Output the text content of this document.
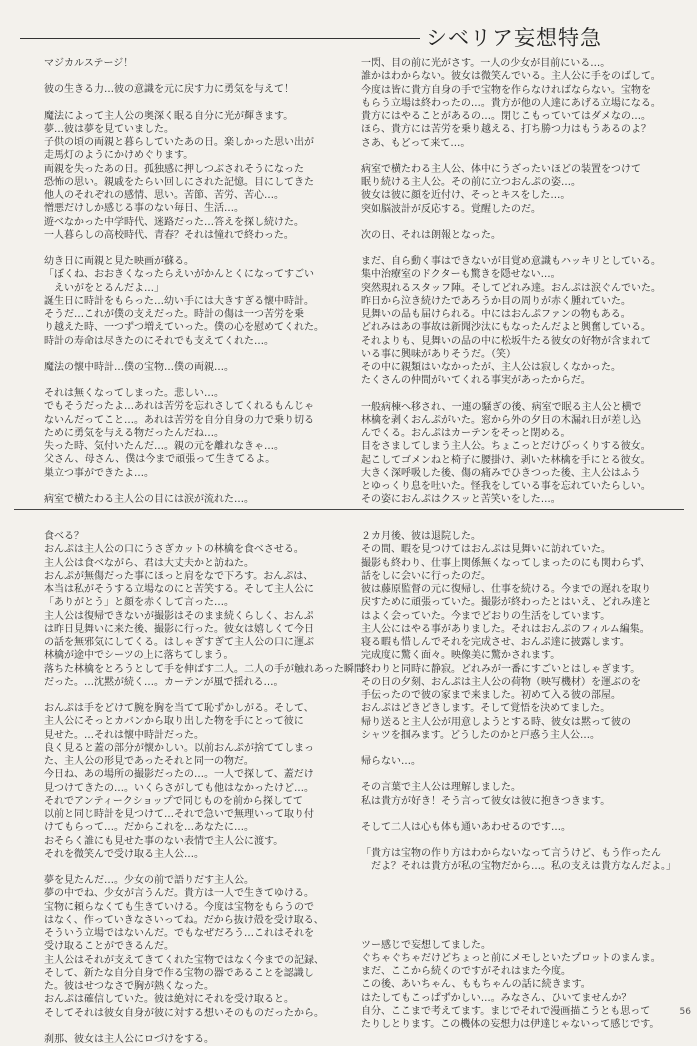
シベリア妄想特急

マジカルステージ！

彼の生きる力…彼の意識を元に戻す力に勇気を与えて！

魔法によって主人公の奥深く眠る自分に光が輝きます。

夢…彼は夢を見ていました。

子供の頃の両親と暮らしていたあの日。楽しかった思い出が

走馬灯のようにかけめぐります。

両親を失ったあの日。孤独感に押しつぶされそうになった

恐怖の思い。親戚をたらい回しにされた記憶。目にしてきた

他人のそれぞれの感情、思い。苦節、苦労、苦心…。

憎悪だけしか感じる事のない毎日、生活…。

遊べなかった中学時代、迷路だった…答えを探し続けた。

一人暮らしの高校時代、青春？それは憧れで終わった。

幼き日に両親と見た映画が蘇る。

「ぼくね、おおきくなったらえいがかんとくになってすごい

　えいがをとるんだよ…」

誕生日に時計をもらった…幼い手には大きすぎる懐中時計。

そうだ…これが僕の支えだった。時計の傷は一つ苦労を乗

り越えた時、一つずつ増えていった。僕の心を慰めてくれた。

時計の寿命は尽きたのにそれでも支えてくれた…。

魔法の懐中時計…僕の宝物…僕の両親…。

それは無くなってしまった。悲しい…。

でもそうだったよ…あれは苦労を忘れさしてくれるもんじゃ

ないんだってこと…。あれは苦労を自分自身の力で乗り切る

ために勇気を与える物だったんだね…。

失った時、気付いたんだ…。親の元を離れなきゃ…。

父さん、母さん、僕は今まで頑張って生きてるよ。

巣立つ事ができたよ…。

病室で横たわる主人公の目には涙が流れた…。

一閃、目の前に光がさす。一人の少女が目前にいる…。

誰かはわからない。彼女は微笑んでいる。主人公に手をのばして。

今度は皆に貴方自身の手で宝物を作らなければならない。宝物を

もらう立場は終わったの…。貴方が他の人達にあげる立場になる。

貴方にはやることがあるの…。閉じこもっていてはダメなの…。

ほら、貴方には苦労を乗り越える、打ち勝つ力はもうあるのよ？

さあ、もどって来て…。

病室で横たわる主人公、体中にうざったいほどの装置をつけて

眠り続ける主人公。その前に立つおんぷの姿…。

彼女は彼に顔を近付け、そっとキスをした…。

突如脳波計が反応する。覚醒したのだ。

次の日、それは朗報となった。

まだ、自ら動く事はできないが目覚め意識もハッキリとしている。

集中治療室のドクターも驚きを隠せない…。

突然現れるスタッフ陣。そしてどれみ達。おんぷは涙ぐんでいた。

昨日から泣き続けたであろうか目の周りが赤く腫れていた。

見舞いの品も届けられる。中にはおんぷファンの物もある。

どれみはあの事故は新聞沙汰にもなったんだよと興奮している。

それよりも、見舞いの品の中に松坂牛たる彼女の好物が含まれて

いる事に興味がありそうだ。（笑）

その中に親類はいなかったが、主人公は寂しくなかった。

たくさんの仲間がいてくれる事実があったからだ。

一般病棟へ移され、一連の騒ぎの後、病室で眠る主人公と横で

林檎を剥くおんぷがいた。窓から外の夕日の木漏れ日が差し込

んでくる。おんぷはカーテンをそっと閉める。

目をさましてしまう主人公。ちょこっとだけびっくりする彼女。

起こしてゴメンねと椅子に腰掛け、剥いた林檎を手にとる彼女。

大きく深呼吸した後、傷の痛みでひきつった後、主人公はふう

とゆっくり息を吐いた。怪我をしている事を忘れていたらしい。

その姿におんぷはクスッと苦笑いをした…。

食べる？

おんぷは主人公の口にうさぎカットの林檎を食べさせる。

主人公は食べながら、君は大丈夫かと訪ねた。

おんぷが無傷だった事にほっと肩をなで下ろす。おんぷは、

本当は私がそうする立場なのにと苦笑する。そして主人公に

「ありがとう」と顔を赤くして言った…。

主人公は復帰できないが撮影はそのまま続くらしく、おんぷ

は昨日見舞いに来た後、撮影に行った。彼女は嬉しくて今日

の話を無邪気にしてくる。はしゃぎすぎて主人公の口に運ぶ

林檎が途中でシーツの上に落ちてしまう。

落ちた林檎をとろうとして手を伸ばす二人。二人の手が触れあった瞬間

だった。…沈黙が続く…。カーテンが風で揺れる…。

おんぷは手をどけて腕を胸を当てて恥ずかしがる。そして、

主人公にそっとカバンから取り出した物を手にとって彼に

見せた。…それは懐中時計だった。

良く見ると蓋の部分が懐かしい。以前おんぷが捨ててしまっ

た、主人公の形見であったそれと同一の物だ。

今日ね、あの場所の撮影だったの…。一人で探して、蓋だけ

見つけてきたの…。いくらさがしても他はなかったけど…。

それでアンティークショップで同じものを前から探してて

以前と同じ時計を見つけて…それで急いで無理いって取り付

けてもらって…。だからこれを…あなたに…。

おそらく誰にも見せた事のない表情で主人公に渡す。

それを微笑んで受け取る主人公…。

夢を見たんだ…。少女の前で語りだす主人公。

夢の中でね、少女が言うんだ。貴方は一人で生きてゆける。

宝物に頼らなくても生きていける。今度は宝物をもらうので

はなく、作っていきなさいってね。だから抜け殻を受け取る、

そういう立場ではないんだ。でもなぜだろう…これはそれを

受け取ることができるんだ。

主人公はそれが支えてきてくれた宝物ではなく今までの記録、

そして、新たな自分自身で作る宝物の器であることを認識し

た。彼はせつなさで胸が熱くなった。

おんぷは確信していた。彼は絶対にそれを受け取ると。

そしてそれは彼女自身が彼に対する想いそのものだったから。

刹那、彼女は主人公にロづけをする。

２カ月後、彼は退院した。

その間、暇を見つけてはおんぷは見舞いに訪れていた。

撮影も終わり、仕事上関係無くなってしまったのにも関わらず、

話をしに会いに行ったのだ。

彼は藤原監督の元に復帰し、仕事を続ける。今までの遅れを取り

戻すために頑張っていた。撮影が終わったとはいえ、どれみ達と

はよく会っていた。今までどおりの生活をしています。

主人公にはやる事がありました。それはおんぷのフィルム編集。

寝る暇も惜しんでそれを完成させ、おんぷ達に披露します。

完成度に驚く面々。映像美に驚かされます。

終わりと同時に静寂。どれみが一番にすごいとはしゃぎます。

その日の夕刻、おんぷは主人公の荷物（映写機材）を運ぶのを

手伝ったので彼の家まで来ました。初めて入る彼の部屋。

おんぷはどきどきします。そして覚悟を決めてました。

帰り送ると主人公が用意しようとする時、彼女は黙って彼の

シャツを掴みます。どうしたのかと戸惑う主人公…。

帰らない…。

その言葉で主人公は理解しました。

私は貴方が好き！そう言って彼女は彼に抱きつきます。

そして二人は心も体も通いあわせるのです…。

「貴方は宝物の作り方はわからないなって言うけど、もう作ったん

　だよ？それは貴方が私の宝物だから…。私の支えは貴方なんだよ。」

ツー感じで妄想してました。

ぐちゃぐちゃだけどちょっと前にメモしといたプロットのまんま。

まだ、ここから続くのですがそれはまた今度。

この後、あいちゃん、ももちゃんの話に続きます。

はたしてもこっぱずかしい…。みなさん、ひいてませんか？

自分、ここまで考えてます。まじでそれで漫画描こうとも思って

たりしとります。この機体の妄想力は伊達じゃないって感じです。

56
